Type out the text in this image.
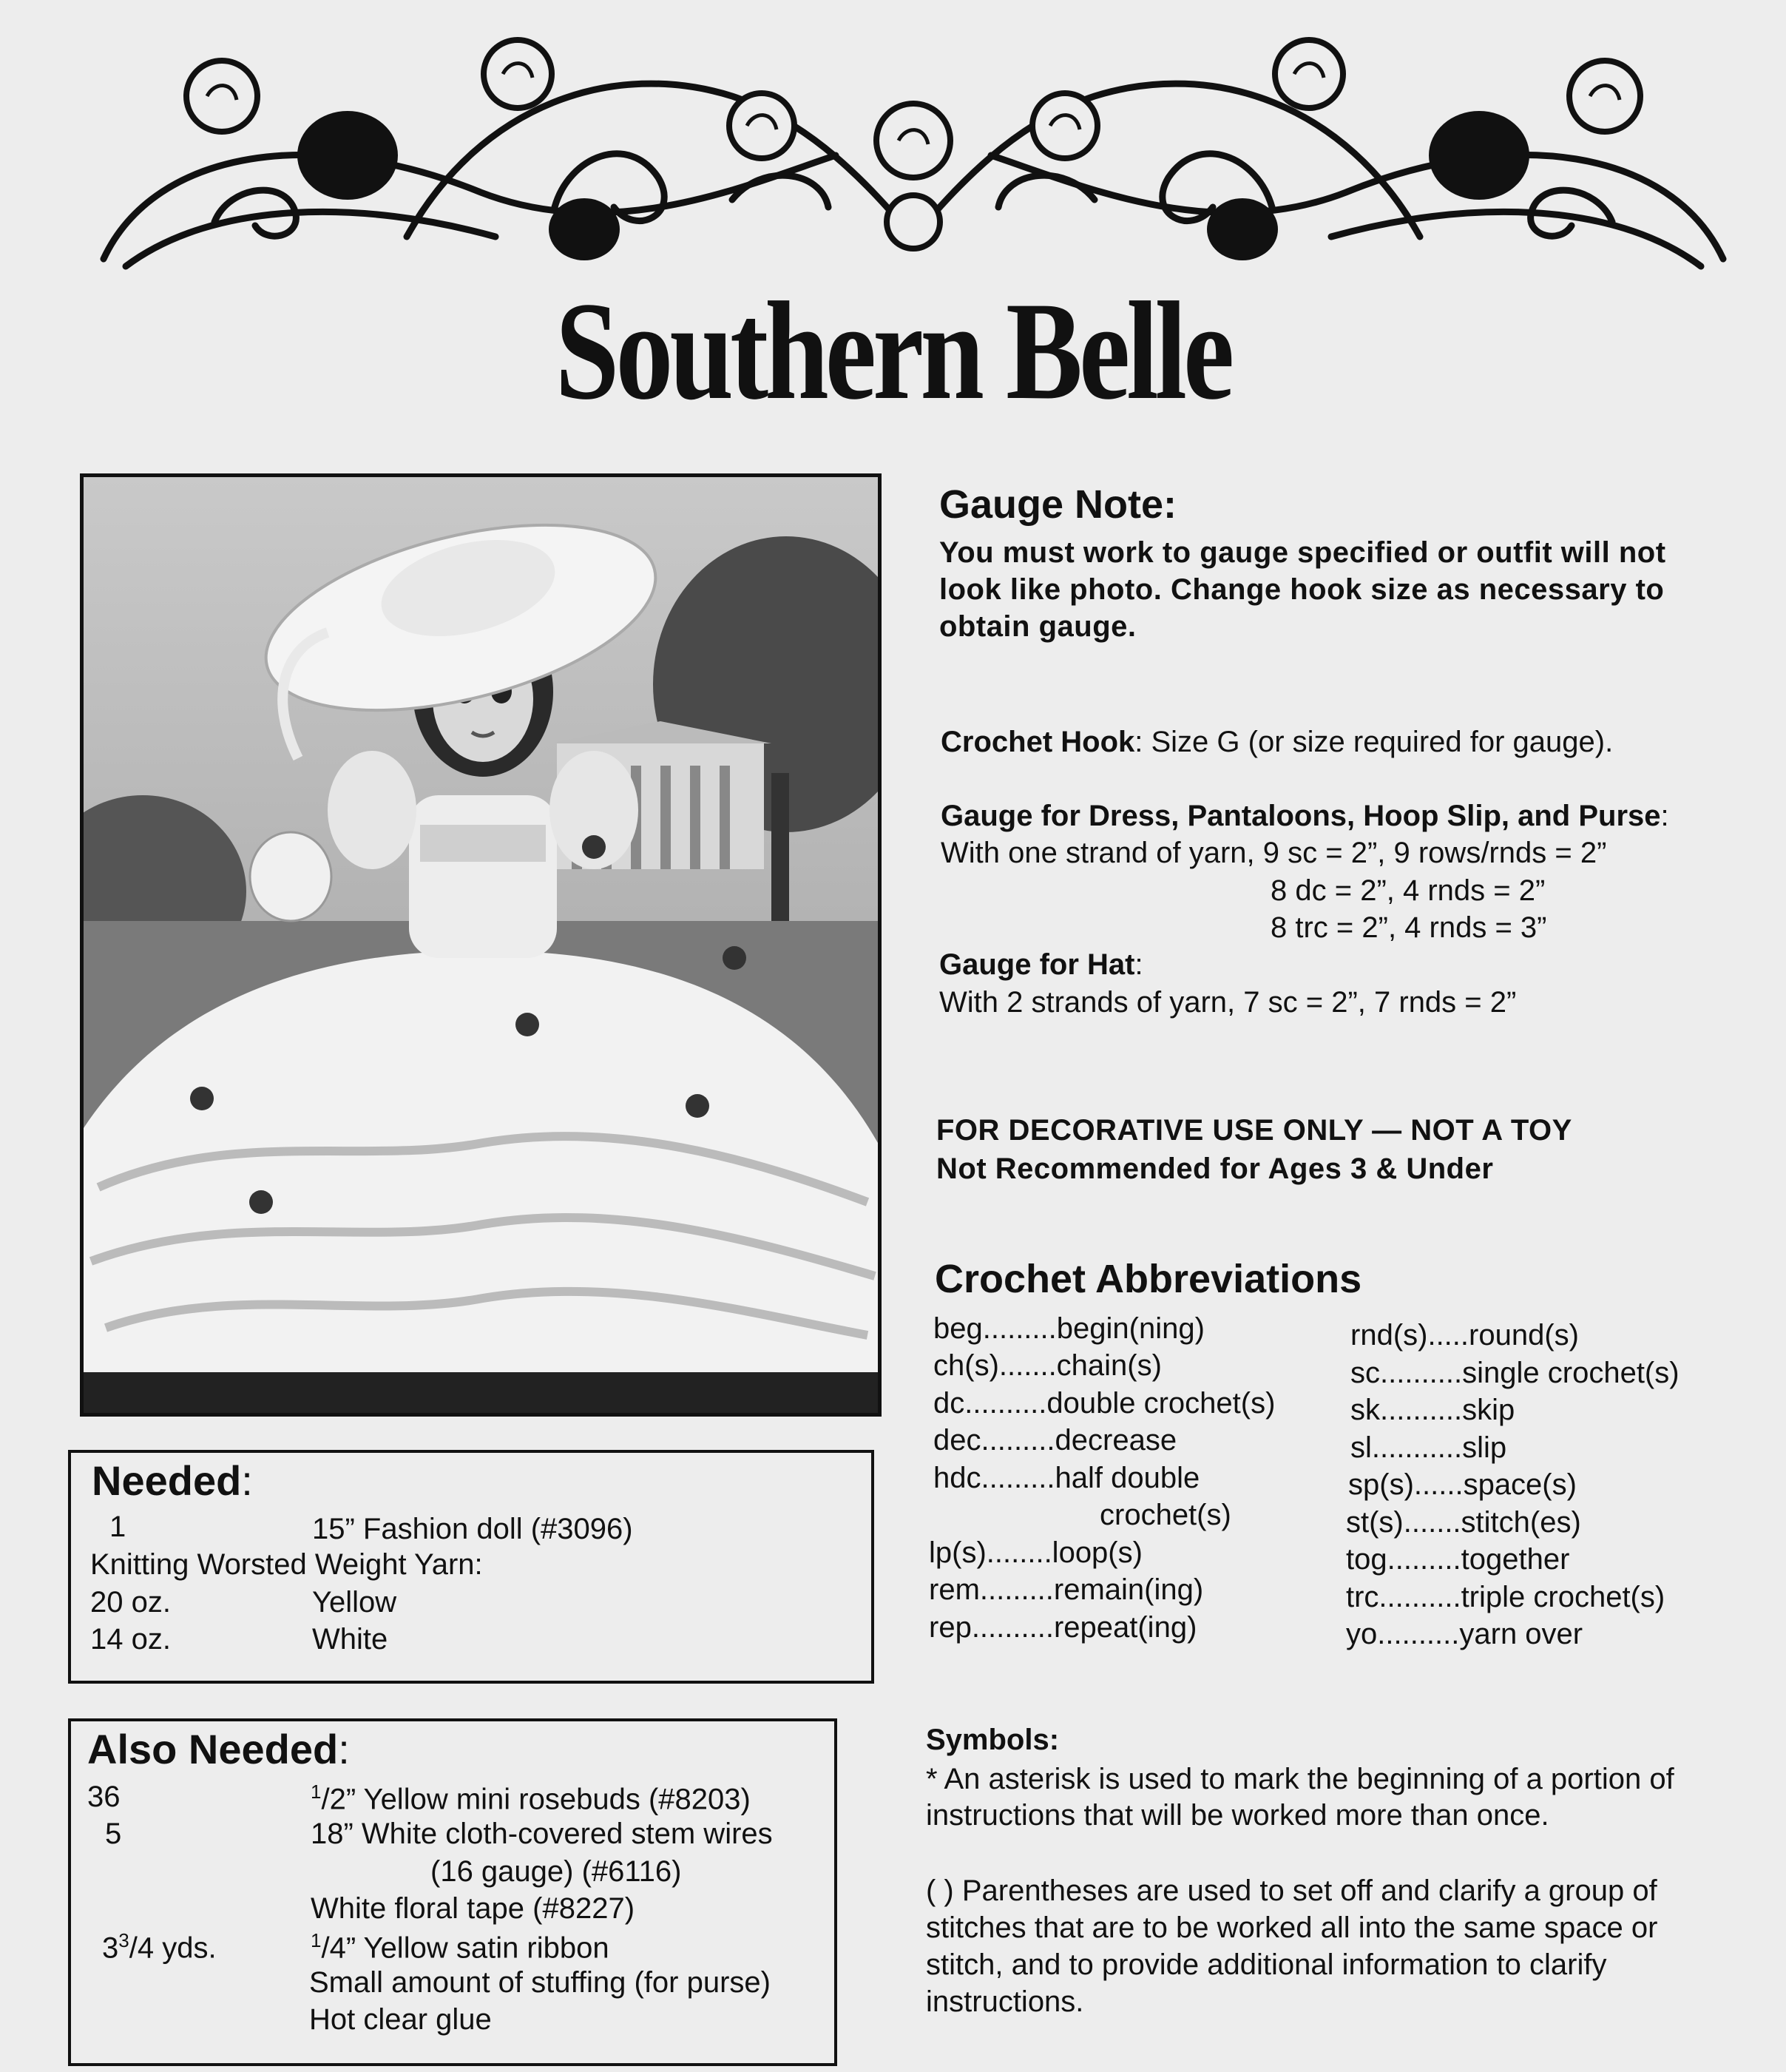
Southern Belle
Gauge Note:
You must work to gauge specified or outfit will not
look like photo. Change hook size as necessary to
obtain gauge.
Crochet Hook: Size G (or size required for gauge).
Gauge for Dress, Pantaloons, Hoop Slip, and Purse:
With one strand of yarn, 9 sc = 2”, 9 rows/rnds = 2”
8 dc = 2”, 4 rnds = 2”
8 trc = 2”, 4 rnds = 3”
Gauge for Hat:
With 2 strands of yarn, 7 sc = 2”, 7 rnds = 2”
FOR DECORATIVE USE ONLY — NOT A TOY
Not Recommended for Ages 3 & Under
Crochet Abbreviations
beg.........begin(ning)
ch(s).......chain(s)
dc..........double crochet(s)
dec.........decrease
hdc.........half double
crochet(s)
lp(s)........loop(s)
rem.........remain(ing)
rep..........repeat(ing)
rnd(s).....round(s)
sc..........single crochet(s)
sk..........skip
sl...........slip
sp(s)......space(s)
st(s).......stitch(es)
tog.........together
trc..........triple crochet(s)
yo..........yarn over
Symbols:
* An asterisk is used to mark the beginning of a portion of
instructions that will be worked more than once.
( ) Parentheses are used to set off and clarify a group of
stitches that are to be worked all into the same space or
stitch, and to provide additional information to clarify
instructions.
Needed:
1	15” Fashion doll (#3096)
Knitting Worsted Weight Yarn:
20 oz.	Yellow
14 oz.	White
Also Needed:
36	$^1$/2” Yellow mini rosebuds (#8203)
5	18” White cloth-covered stem wires
(16 gauge) (#6116)
White floral tape (#8227)
$3^3/4$ yds.	$^1$/4” Yellow satin ribbon
Small amount of stuffing (for purse)
Hot clear glue
